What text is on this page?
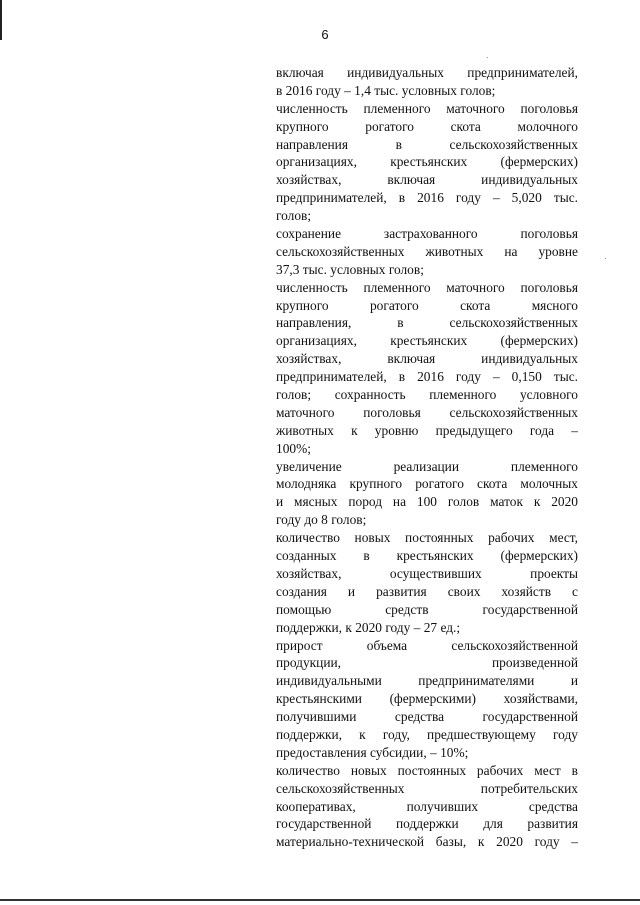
6
включая индивидуальных предпринимателей,
в 2016 году – 1,4 тыс. условных голов;
численность племенного маточного поголовья
крупного рогатого скота молочного
направления в сельскохозяйственных
организациях, крестьянских (фермерских)
хозяйствах, включая индивидуальных
предпринимателей, в 2016 году – 5,020 тыс.
голов;
сохранение застрахованного поголовья
сельскохозяйственных животных на уровне
37,3 тыс. условных голов;
численность племенного маточного поголовья
крупного рогатого скота мясного
направления, в сельскохозяйственных
организациях, крестьянских (фермерских)
хозяйствах, включая индивидуальных
предпринимателей, в 2016 году – 0,150 тыс.
голов; сохранность племенного условного
маточного поголовья сельскохозяйственных
животных к уровню предыдущего года –
100%;
увеличение реализации племенного
молодняка крупного рогатого скота молочных
и мясных пород на 100 голов маток к 2020
году до 8 голов;
количество новых постоянных рабочих мест,
созданных в крестьянских (фермерских)
хозяйствах, осуществивших проекты
создания и развития своих хозяйств с
помощью средств государственной
поддержки, к 2020 году – 27 ед.;
прирост объема сельскохозяйственной
продукции, произведенной
индивидуальными предпринимателями и
крестьянскими (фермерскими) хозяйствами,
получившими средства государственной
поддержки, к году, предшествующему году
предоставления субсидии, – 10%;
количество новых постоянных рабочих мест в
сельскохозяйственных потребительских
кооперативах, получивших средства
государственной поддержки для развития
материально-технической базы, к 2020 году –
